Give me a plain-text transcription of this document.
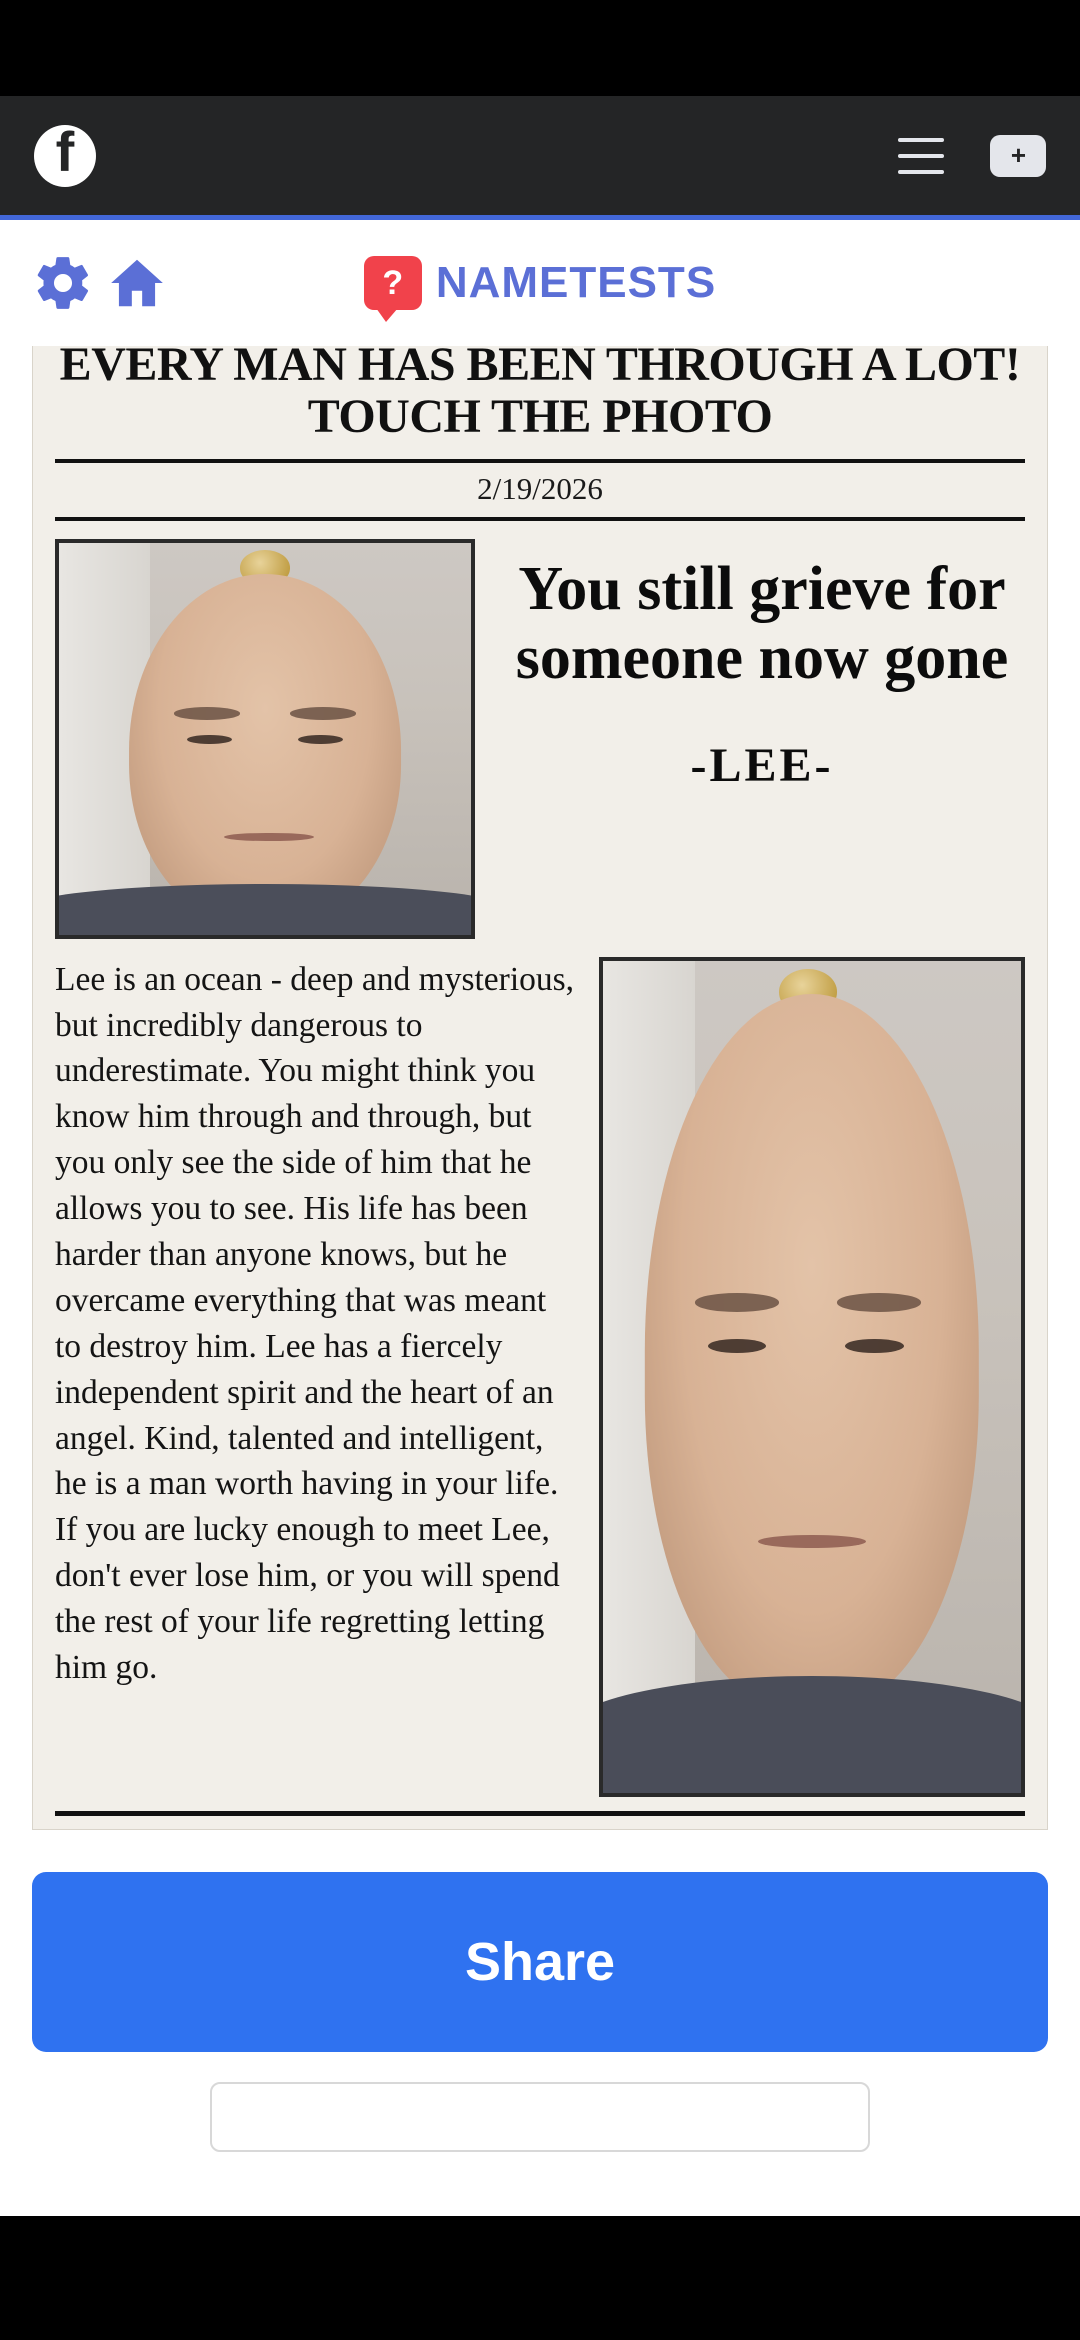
f	+
? NAMETESTS
EVERY MAN HAS BEEN THROUGH A LOT! TOUCH THE PHOTO
2/19/2026
You still grieve for someone now gone
-LEE-
Lee is an ocean - deep and mysterious, but incredibly dangerous to underestimate. You might think you know him through and through, but you only see the side of him that he allows you to see. His life has been harder than anyone knows, but he overcame everything that was meant to destroy him. Lee has a fiercely independent spirit and the heart of an angel. Kind, talented and intelligent, he is a man worth having in your life. If you are lucky enough to meet Lee, don't ever lose him, or you will spend the rest of your life regretting letting him go.
Share
